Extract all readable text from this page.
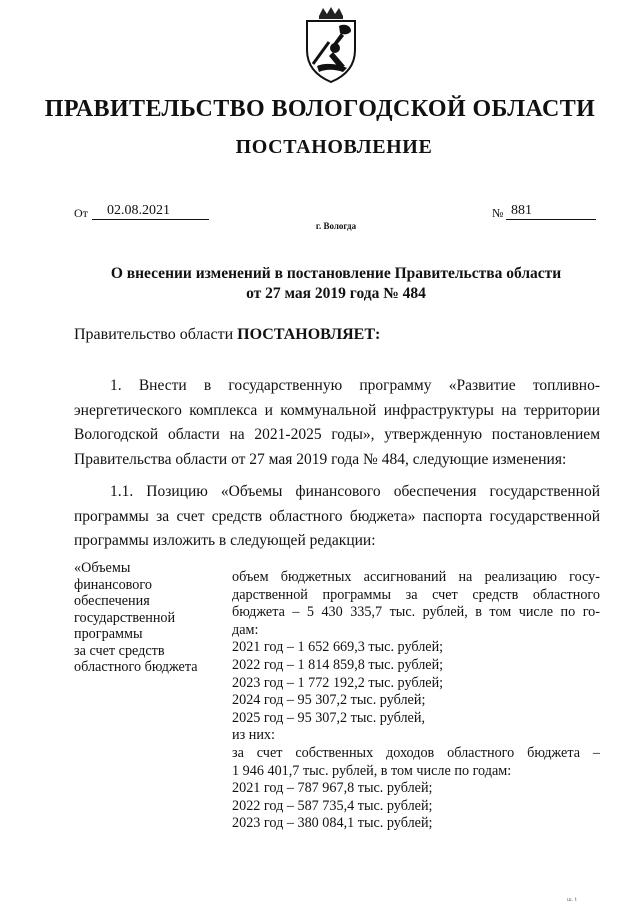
ПРАВИТЕЛЬСТВО ВОЛОГОДСКОЙ ОБЛАСТИ
ПОСТАНОВЛЕНИЕ
От	02.08.2021	№ 881
г. Вологда
О внесении изменений в постановление Правительства области
от 27 мая 2019 года № 484

Правительство области ПОСТАНОВЛЯЕТ:

1. Внести в государственную программу «Развитие топливно-энергетического комплекса и коммунальной инфраструктуры на территории Вологодской области на 2021-2025 годы», утвержденную постановлением Правительства области от 27 мая 2019 года № 484, следующие изменения:

1.1. Позицию «Объемы финансового обеспечения государственной программы за счет средств областного бюджета» паспорта государственной программы изложить в следующей редакции:

«Объемы
финансового
обеспечения
государственной
программы
за счет средств
областного бюджета
объем бюджетных ассигнований на реализацию госу-
дарственной программы за счет средств областного
бюджета – 5 430 335,7 тыс. рублей, в том числе по го-
дам:
2021 год – 1 652 669,3 тыс. рублей;
2022 год – 1 814 859,8 тыс. рублей;
2023 год – 1 772 192,2 тыс. рублей;
2024 год – 95 307,2 тыс. рублей;
2025 год – 95 307,2 тыс. рублей,
из них:
за счет собственных доходов областного бюджета –
1 946 401,7 тыс. рублей, в том числе по годам:
2021 год – 787 967,8 тыс. рублей;
2022 год – 587 735,4 тыс. рублей;
2023 год – 380 084,1 тыс. рублей;
ш. t
